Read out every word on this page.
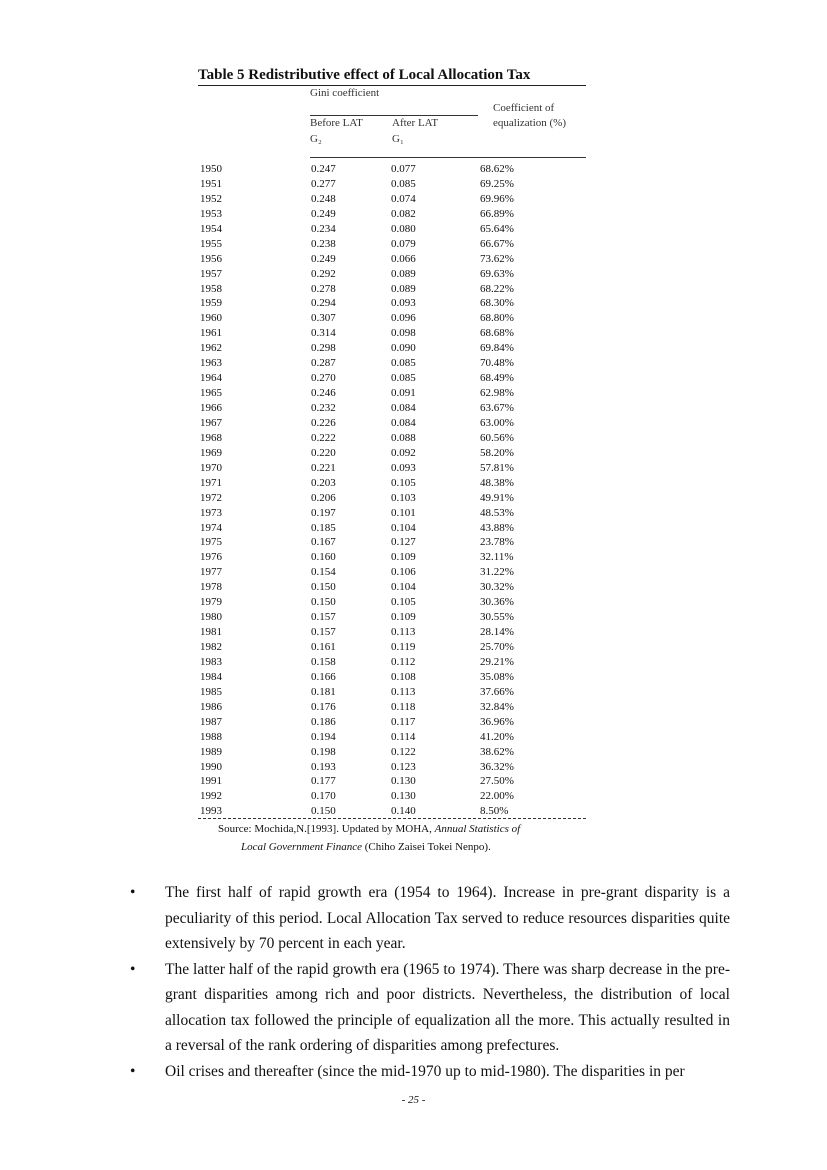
Table 5 Redistributive effect of Local Allocation Tax
Gini coefficient
Coefficient of
Before LAT	After LAT	equalization (%)
G₂	G₁
1950	0.247	0.077	68.62%
1951	0.277	0.085	69.25%
1952	0.248	0.074	69.96%
1953	0.249	0.082	66.89%
1954	0.234	0.080	65.64%
1955	0.238	0.079	66.67%
1956	0.249	0.066	73.62%
1957	0.292	0.089	69.63%
1958	0.278	0.089	68.22%
1959	0.294	0.093	68.30%
1960	0.307	0.096	68.80%
1961	0.314	0.098	68.68%
1962	0.298	0.090	69.84%
1963	0.287	0.085	70.48%
1964	0.270	0.085	68.49%
1965	0.246	0.091	62.98%
1966	0.232	0.084	63.67%
1967	0.226	0.084	63.00%
1968	0.222	0.088	60.56%
1969	0.220	0.092	58.20%
1970	0.221	0.093	57.81%
1971	0.203	0.105	48.38%
1972	0.206	0.103	49.91%
1973	0.197	0.101	48.53%
1974	0.185	0.104	43.88%
1975	0.167	0.127	23.78%
1976	0.160	0.109	32.11%
1977	0.154	0.106	31.22%
1978	0.150	0.104	30.32%
1979	0.150	0.105	30.36%
1980	0.157	0.109	30.55%
1981	0.157	0.113	28.14%
1982	0.161	0.119	25.70%
1983	0.158	0.112	29.21%
1984	0.166	0.108	35.08%
1985	0.181	0.113	37.66%
1986	0.176	0.118	32.84%
1987	0.186	0.117	36.96%
1988	0.194	0.114	41.20%
1989	0.198	0.122	38.62%
1990	0.193	0.123	36.32%
1991	0.177	0.130	27.50%
1992	0.170	0.130	22.00%
1993	0.150	0.140	8.50%
Source: Mochida,N.[1993]. Updated by MOHA, Annual Statistics of
Local Government Finance (Chiho Zaisei Tokei Nenpo).
• The first half of rapid growth era (1954 to 1964). Increase in pre-grant disparity is a peculiarity of this period. Local Allocation Tax served to reduce resources disparities quite extensively by 70 percent in each year.
• The latter half of the rapid growth era (1965 to 1974). There was sharp decrease in the pre-grant disparities among rich and poor districts. Nevertheless, the distribution of local allocation tax followed the principle of equalization all the more. This actually resulted in a reversal of the rank ordering of disparities among prefectures.
• Oil crises and thereafter (since the mid-1970 up to mid-1980). The disparities in per
- 25 -
